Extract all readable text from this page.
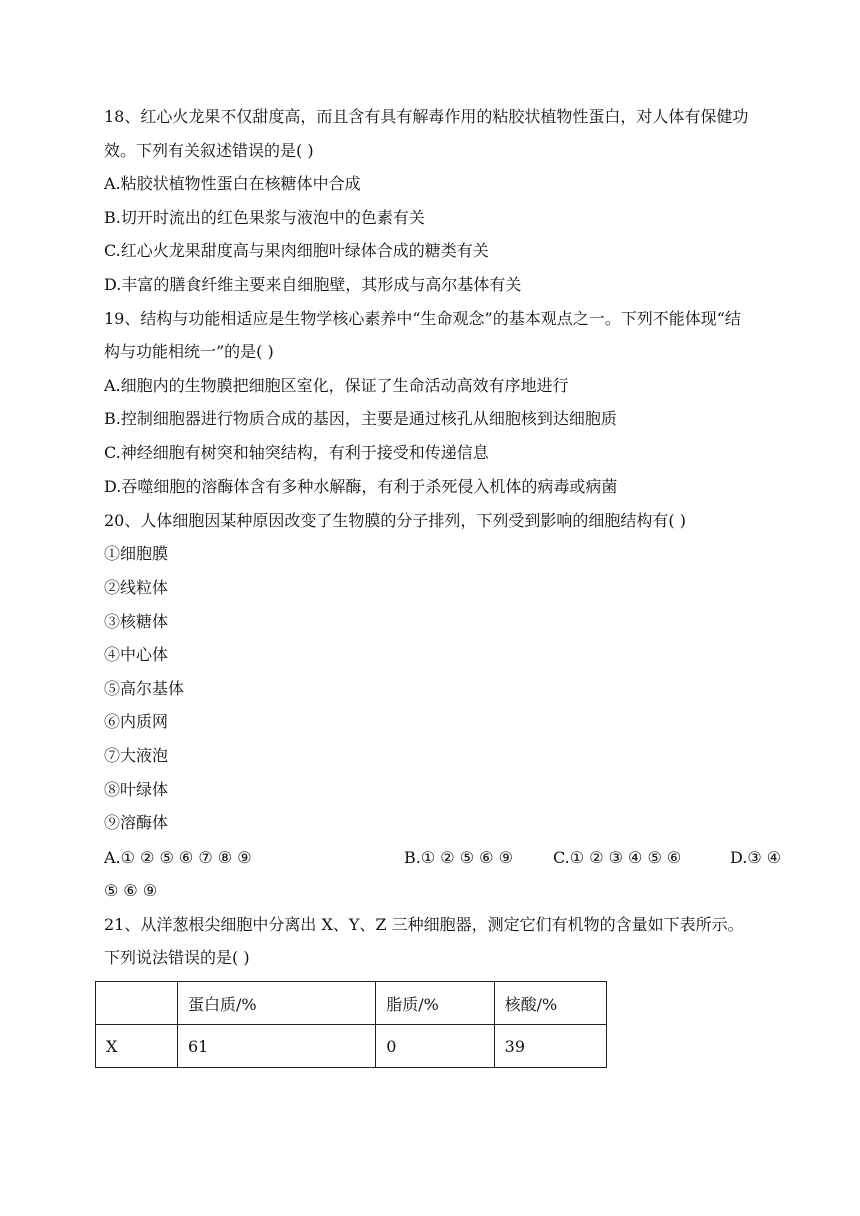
18、红心火龙果不仅甜度高，而且含有具有解毒作用的粘胶状植物性蛋白，对人体有保健功
效。下列有关叙述错误的是( )
A.粘胶状植物性蛋白在核糖体中合成
B.切开时流出的红色果浆与液泡中的色素有关
C.红心火龙果甜度高与果肉细胞叶绿体合成的糖类有关
D.丰富的膳食纤维主要来自细胞壁，其形成与高尔基体有关
19、结构与功能相适应是生物学核心素养中“生命观念”的基本观点之一。下列不能体现“结
构与功能相统一”的是( )
A.细胞内的生物膜把细胞区室化，保证了生命活动高效有序地进行
B.控制细胞器进行物质合成的基因，主要是通过核孔从细胞核到达细胞质
C.神经细胞有树突和轴突结构，有利于接受和传递信息
D.吞噬细胞的溶酶体含有多种水解酶，有利于杀死侵入机体的病毒或病菌
20、人体细胞因某种原因改变了生物膜的分子排列，下列受到影响的细胞结构有( )
①细胞膜
②线粒体
③核糖体
④中心体
⑤高尔基体
⑥内质网
⑦大液泡
⑧叶绿体
⑨溶酶体
A.① ② ⑤ ⑥ ⑦ ⑧ ⑨	B.① ② ⑤ ⑥ ⑨	C.① ② ③ ④ ⑤ ⑥	D.③ ④
⑤ ⑥ ⑨
21、从洋葱根尖细胞中分离出 X、Y、Z 三种细胞器，测定它们有机物的含量如下表所示。
下列说法错误的是( )
	蛋白质/%	脂质/%	核酸/%
X	61	0	39
